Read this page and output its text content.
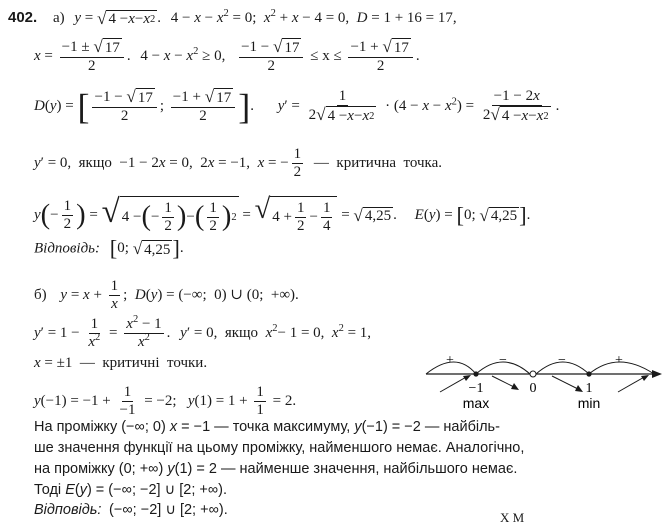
402. а) y = √ 4 − x − x 2 . $4 - x - x^2 = 0$;  $x^2 + x - 4 = 0$,  D = 1 + 16 = 17,
$x = \frac{-1 \pm √ 17}{2}$ . $4 - x - x^2 \ge 0$, $\frac{-1 - √ 17}{2} \le x \le \frac{-1 + √ 17}{2}$ .
D(y) = [ $\frac{-1 - √ 17}{2}$ ; $\frac{-1 + √ 17}{2}$ ]. $y' = \frac{1}{2 √ 4 - x - x 2} \cdot (4 - x - x^2) = \frac{-1 - 2x}{2 √ 4 - x - x 2}$ .
y′ = 0,  якщо  −1 − 2x = 0,  2x = −1,  x = − $\frac{1}{2}$ —  критична  точка.
$y(- \frac{1}{2}$ ) = √ 4 − ( −
1
2 ) − ( 1
2 ) 2 = √ 4 +
1
2
−
1
4
= √ 4,25 . E(y) = [0; √ 4,25 ].
Відповідь: [0; √ 4,25 ].
б) $y = x + \frac{1}{x}$ ;  D(y) = (−∞;  0) ∪ (0;  +∞).
$y' = 1 - \frac{1}{x^2} = \frac{x^2 - 1}{x^2}$ . y′ = 0,  якщо  $x^2- 1 = 0$,  $x^2 = 1$,
x = ±1  —  критичні  точки.
$y(-1) = -1 + \frac{1}{-1} = -2$;   $y(1) = 1 + \frac{1}{1} = 2$.
+	−	−	+
−1	0	1
max	min
На проміжку (−∞; 0) x = −1 — точка максимуму, y(−1) = −2 — найбіль-
ше значення функції на цьому проміжку, найменшого немає. Аналогічно,
на проміжку (0; +∞) y(1) = 2 — найменше значення, найбільшого немає.
Тоді E(y) = (−∞; −2] ∪ [2; +∞).
Відповідь: (−∞; −2] ∪ [2; +∞).	X M
